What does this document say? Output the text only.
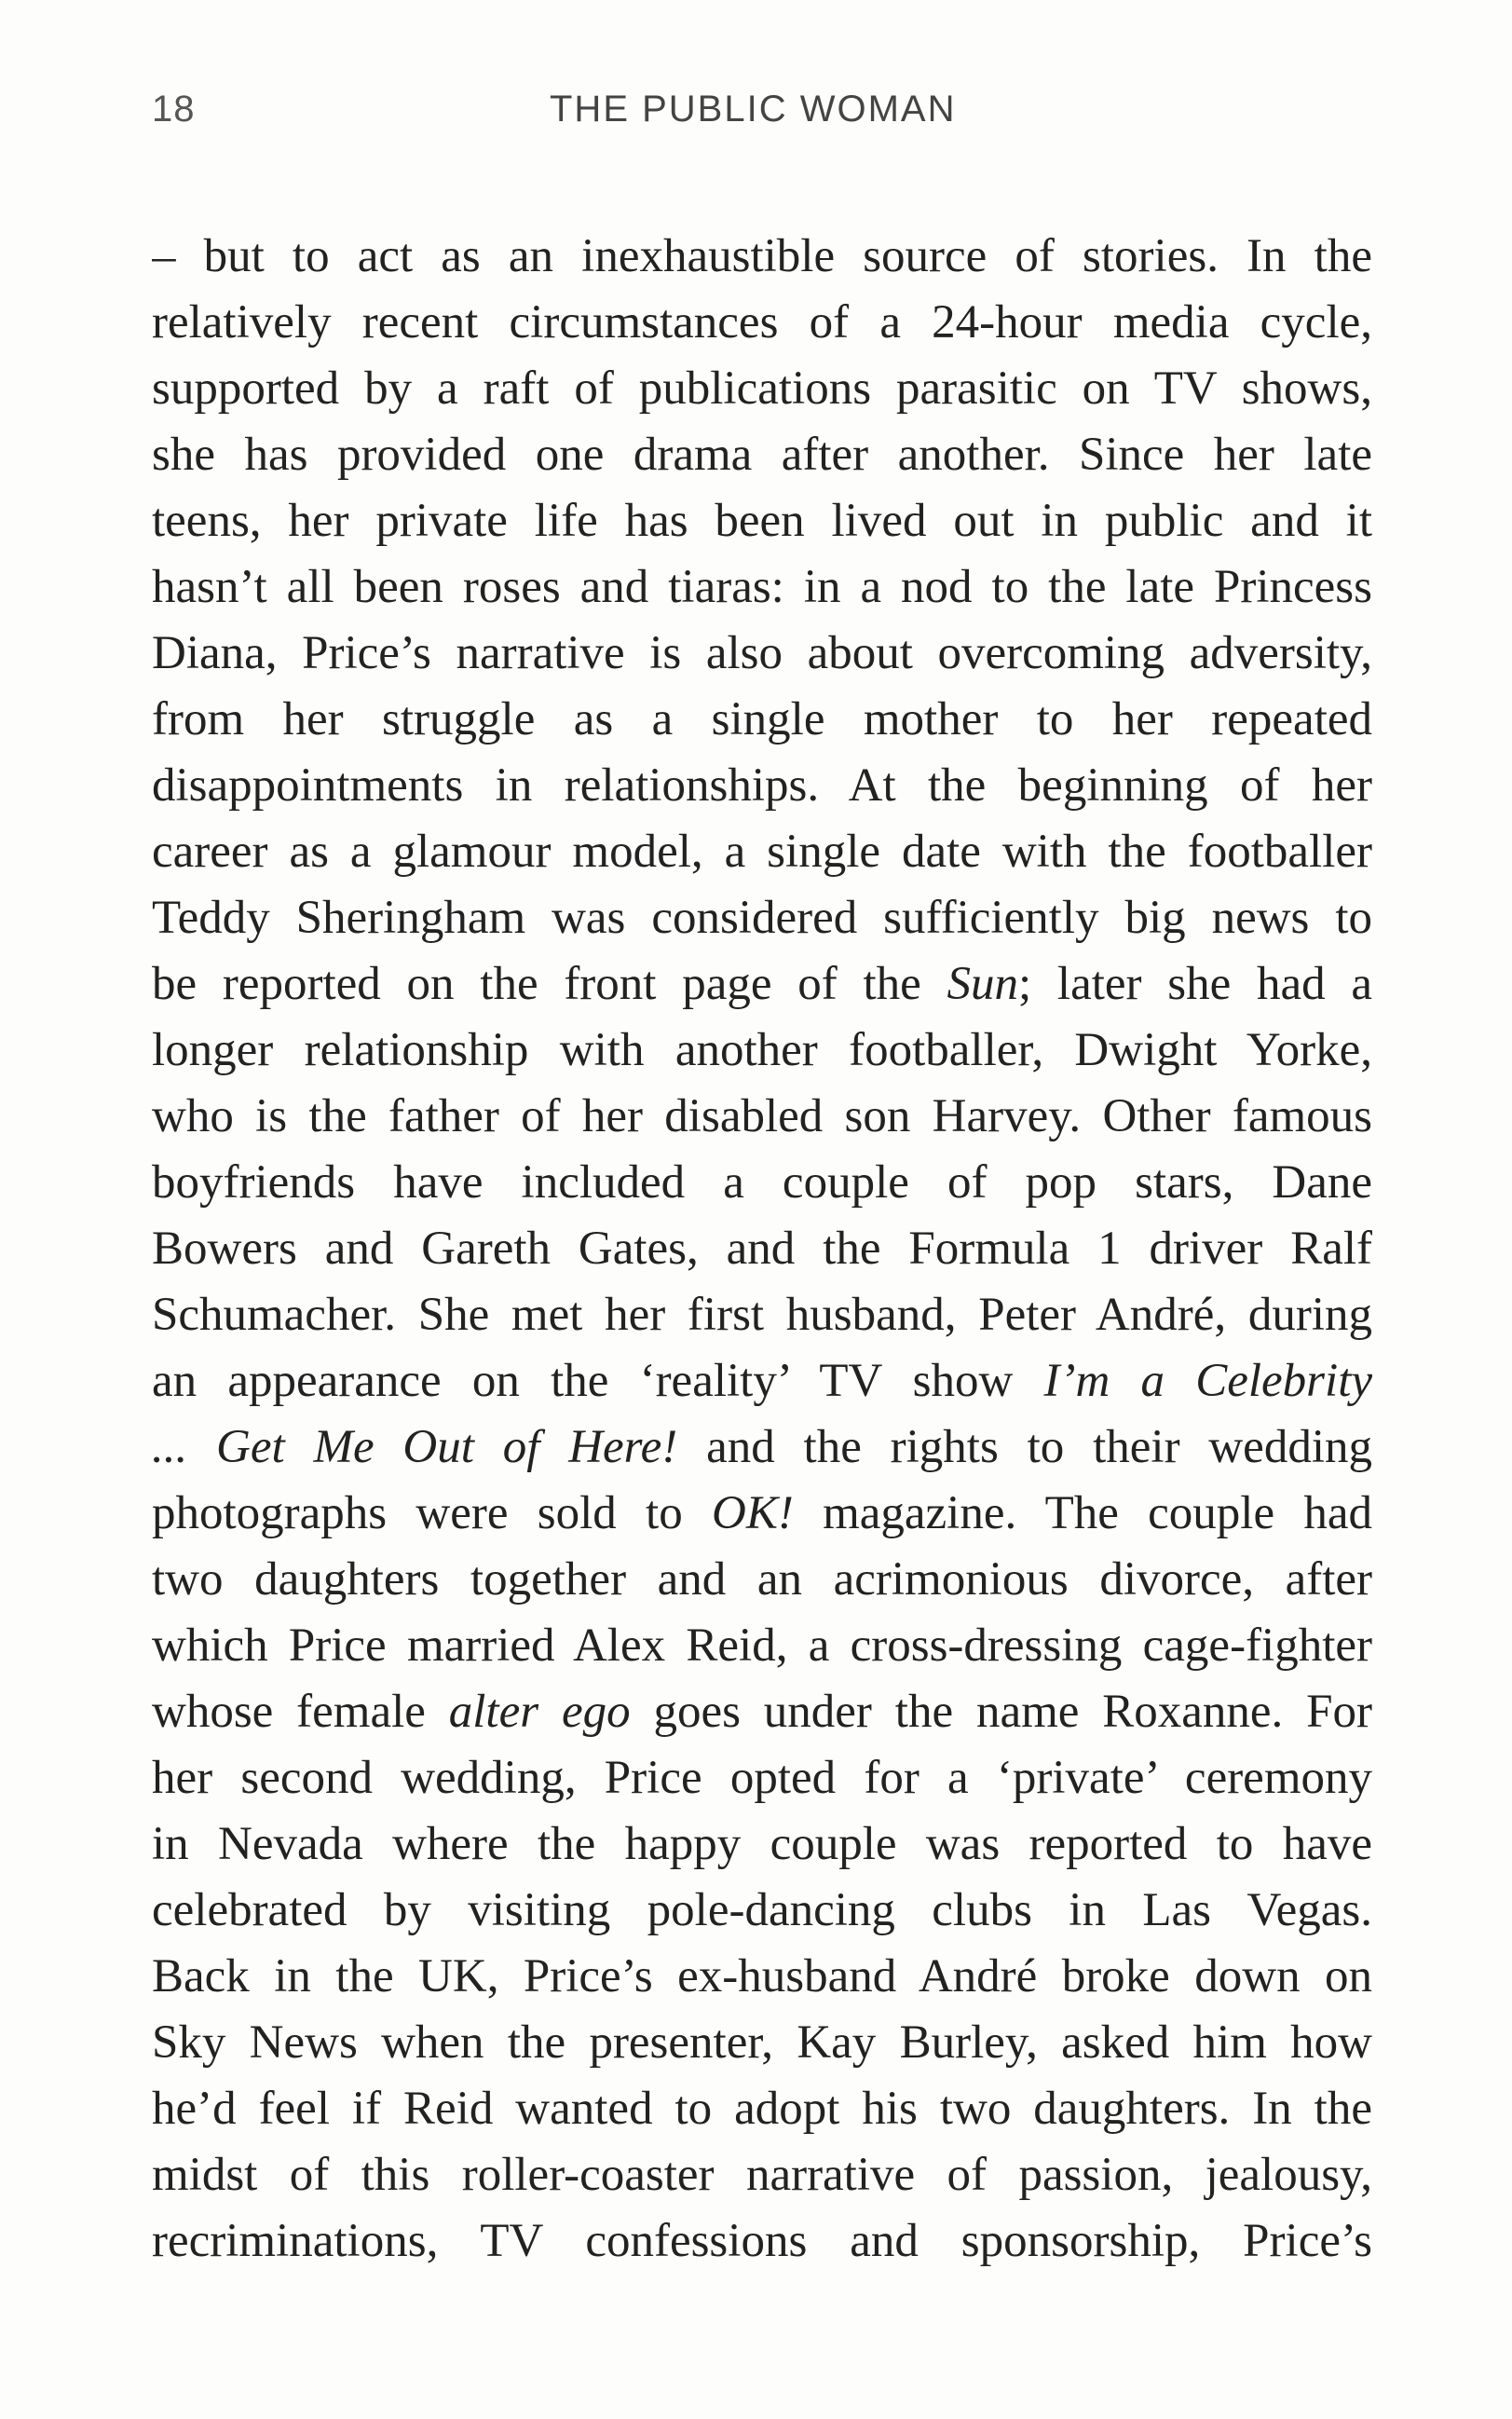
18	THE PUBLIC WOMAN
– but to act as an inexhaustible source of stories. In the
relatively recent circumstances of a 24-hour media cycle,
supported by a raft of publications parasitic on TV shows,
she has provided one drama after another. Since her late
teens, her private life has been lived out in public and it
hasn’t all been roses and tiaras: in a nod to the late Princess
Diana, Price’s narrative is also about overcoming adversity,
from her struggle as a single mother to her repeated
disappointments in relationships. At the beginning of her
career as a glamour model, a single date with the footballer
Teddy Sheringham was considered sufficiently big news to
be reported on the front page of the Sun; later she had a
longer relationship with another footballer, Dwight Yorke,
who is the father of her disabled son Harvey. Other famous
boyfriends have included a couple of pop stars, Dane
Bowers and Gareth Gates, and the Formula 1 driver Ralf
Schumacher. She met her first husband, Peter André, during
an appearance on the ‘reality’ TV show I’m a Celebrity
... Get Me Out of Here! and the rights to their wedding
photographs were sold to OK! magazine. The couple had
two daughters together and an acrimonious divorce, after
which Price married Alex Reid, a cross-dressing cage-fighter
whose female alter ego goes under the name Roxanne. For
her second wedding, Price opted for a ‘private’ ceremony
in Nevada where the happy couple was reported to have
celebrated by visiting pole-dancing clubs in Las Vegas.
Back in the UK, Price’s ex-husband André broke down on
Sky News when the presenter, Kay Burley, asked him how
he’d feel if Reid wanted to adopt his two daughters. In the
midst of this roller-coaster narrative of passion, jealousy,
recriminations, TV confessions and sponsorship, Price’s
